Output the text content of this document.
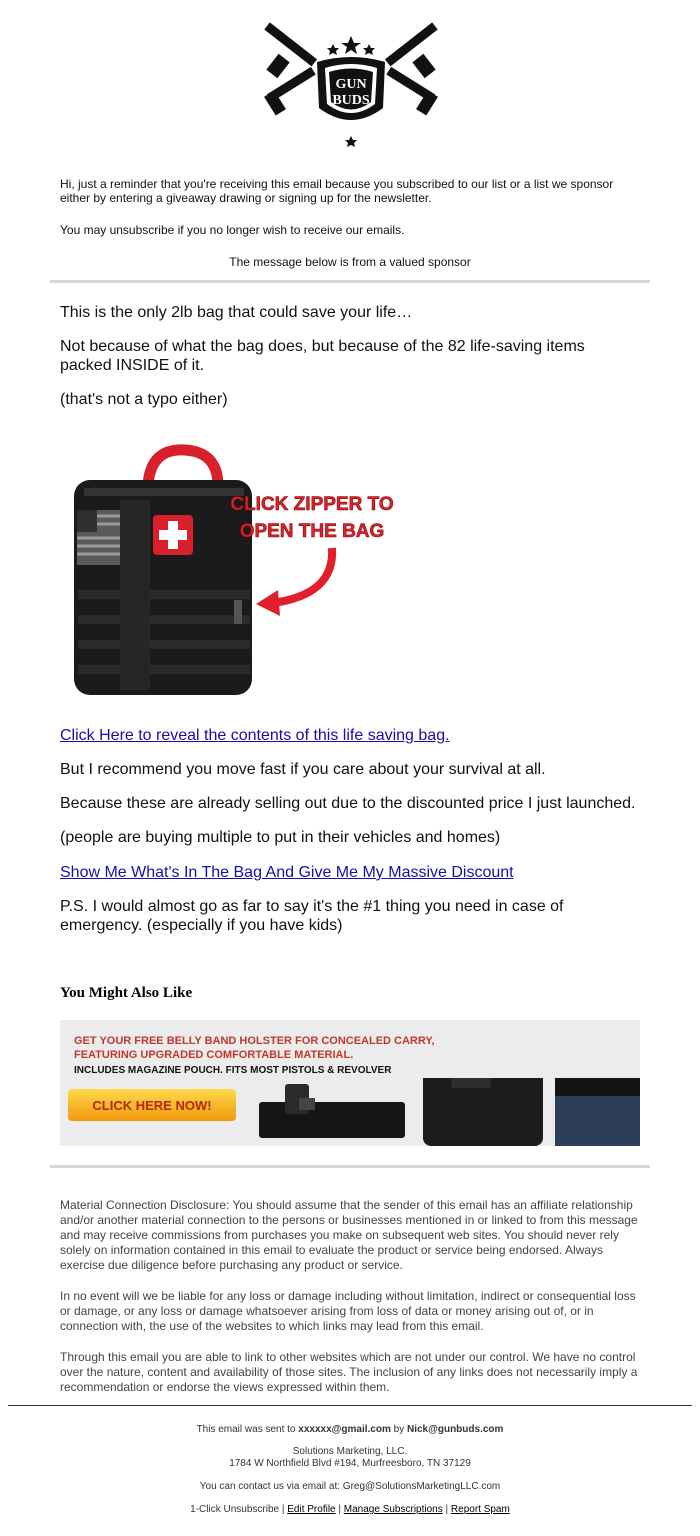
GUN
BUDS
Hi, just a reminder that you're receiving this email because you subscribed to our list or a list we sponsor either by entering a giveaway drawing or signing up for the newsletter.
You may unsubscribe if you no longer wish to receive our emails.
The message below is from a valued sponsor
This is the only 2lb bag that could save your life…
Not because of what the bag does, but because of the 82 life-saving items packed INSIDE of it.
(that's not a typo either)
CLICK ZIPPER TO
OPEN THE BAG
Click Here to reveal the contents of this life saving bag.
But I recommend you move fast if you care about your survival at all.
Because these are already selling out due to the discounted price I just launched.
(people are buying multiple to put in their vehicles and homes)
Show Me What's In The Bag And Give Me My Massive Discount
P.S. I would almost go as far to say it's the #1 thing you need in case of emergency. (especially if you have kids)
You Might Also Like
GET YOUR FREE BELLY BAND HOLSTER FOR CONCEALED CARRY, FEATURING UPGRADED COMFORTABLE MATERIAL.
INCLUDES MAGAZINE POUCH. FITS MOST PISTOLS & REVOLVER
CLICK HERE NOW!
Material Connection Disclosure: You should assume that the sender of this email has an affiliate relationship and/or another material connection to the persons or businesses mentioned in or linked to from this message and may receive commissions from purchases you make on subsequent web sites. You should never rely solely on information contained in this email to evaluate the product or service being endorsed. Always exercise due diligence before purchasing any product or service.
In no event will we be liable for any loss or damage including without limitation, indirect or consequential loss or damage, or any loss or damage whatsoever arising from loss of data or money arising out of, or in connection with, the use of the websites to which links may lead from this email.
Through this email you are able to link to other websites which are not under our control. We have no control over the nature, content and availability of those sites. The inclusion of any links does not necessarily imply a recommendation or endorse the views expressed within them.
This email was sent to xxxxxx@gmail.com by Nick@gunbuds.com
Solutions Marketing, LLC.
1784 W Northfield Blvd #194, Murfreesboro, TN 37129
You can contact us via email at: Greg@SolutionsMarketingLLC.com
1-Click Unsubscribe | Edit Profile | Manage Subscriptions | Report Spam
